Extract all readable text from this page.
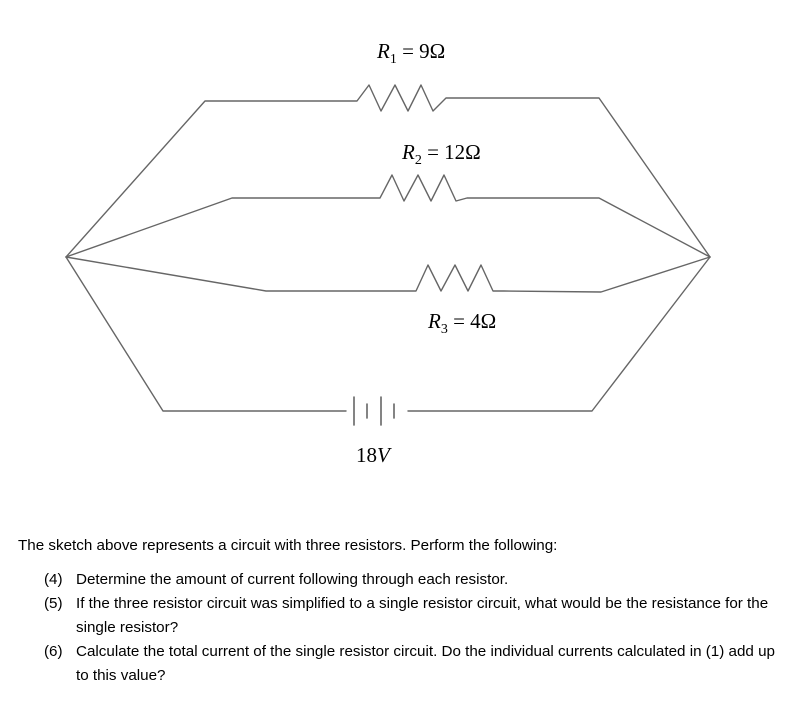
$R_1 = 9\Omega$
$R_2 = 12\Omega$
$R_3 = 4\Omega$
18V

The sketch above represents a circuit with three resistors. Perform the following:

(4) Determine the amount of current following through each resistor.
(5) If the three resistor circuit was simplified to a single resistor circuit, what would be the resistance for the single resistor?
(6) Calculate the total current of the single resistor circuit. Do the individual currents calculated in (1) add up to this value?
